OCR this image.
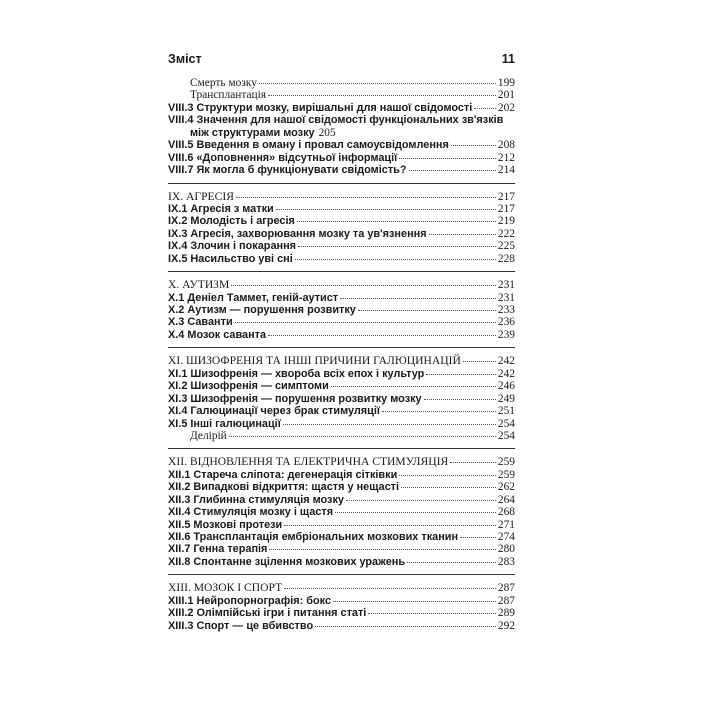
Зміст	11
Смерть мозку	199
Трансплантація	201
VIII.3 Структури мозку, вирішальні для нашої свідомості 202
VIII.4 Значення для нашої свідомості функціональних зв'язків
між структурами мозку 205
VIII.5 Введення в оману і провал самоусвідомлення	208
VIII.6 «Доповнення» відсутньої інформації	212
VIII.7 Як могла б функціонувати свідомість?	214
IX. АГРЕСІЯ	217
IX.1 Агресія з матки	217
IX.2 Молодість і агресія	219
IX.3 Агресія, захворювання мозку та ув'язнення	222
IX.4 Злочин і покарання	225
IX.5 Насильство уві сні	228
X. АУТИЗМ	231
X.1 Деніел Таммет, геній-аутист	231
X.2 Аутизм — порушення розвитку	233
X.3 Саванти	236
X.4 Мозок саванта	239
XI. ШИЗОФРЕНІЯ ТА ІНШІ ПРИЧИНИ ГАЛЮЦИНАЦІЙ	242
XI.1 Шизофренія — хвороба всіх епох і культур	242
XI.2 Шизофренія — симптоми	246
XI.3 Шизофренія — порушення розвитку мозку	249
XI.4 Галюцинації через брак стимуляції	251
XI.5 Інші галюцинації	254
Делірій	254
XII. ВІДНОВЛЕННЯ ТА ЕЛЕКТРИЧНА СТИМУЛЯЦІЯ	259
XII.1 Стареча сліпота: дегенерація сітківки	259
XII.2 Випадкові відкриття: щастя у нещасті	262
XII.3 Глибинна стимуляція мозку	264
XII.4 Стимуляція мозку і щастя	268
XII.5 Мозкові протези	271
XII.6 Трансплантація ембріональних мозкових тканин	274
XII.7 Генна терапія	280
XII.8 Спонтанне зцілення мозкових уражень	283
XIII. МОЗОК І СПОРТ	287
XIII.1 Нейропорнографія: бокс	287
XIII.2 Олімпійські ігри і питання статі	289
XIII.3 Спорт — це вбивство	292
